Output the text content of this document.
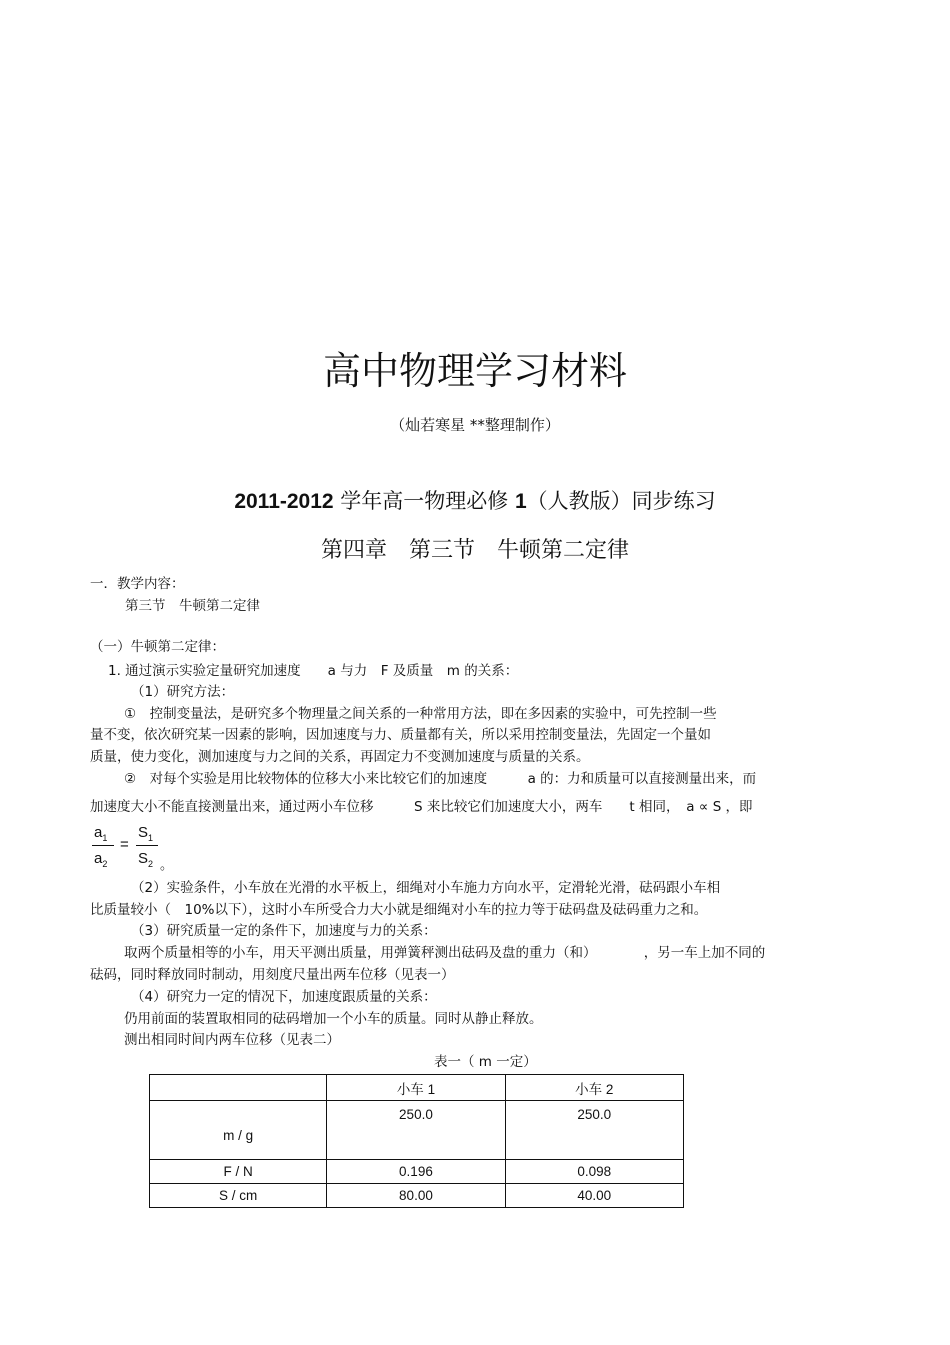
高中物理学习材料
（灿若寒星 **整理制作）
2011-2012 学年高一物理必修 1（人教版）同步练习
第四章　第三节　牛顿第二定律
一．教学内容：
第三节　牛顿第二定律
（一）牛顿第二定律：
1. 通过演示实验定量研究加速度　　a 与力　F 及质量　m 的关系：
（1）研究方法：
①　控制变量法，是研究多个物理量之间关系的一种常用方法，即在多因素的实验中，可先控制一些
量不变，依次研究某一因素的影响，因加速度与力、质量都有关，所以采用控制变量法，先固定一个量如
质量，使力变化，测加速度与力之间的关系，再固定力不变测加速度与质量的关系。
②　对每个实验是用比较物体的位移大小来比较它们的加速度　　　a 的：力和质量可以直接测量出来，而
加速度大小不能直接测量出来，通过两小车位移　　　S 来比较它们加速度大小，两车　　t 相同，　a ∝ S ，即
$a_1$
$a_2$
=
$S_1$
$S_2$ 。
（2）实验条件，小车放在光滑的水平板上，细绳对小车施力方向水平，定滑轮光滑，砝码跟小车相
比质量较小（　10%以下），这时小车所受合力大小就是细绳对小车的拉力等于砝码盘及砝码重力之和。
（3）研究质量一定的条件下，加速度与力的关系：
取两个质量相等的小车，用天平测出质量，用弹簧秤测出砝码及盘的重力（和）　　　　，另一车上加不同的
砝码，同时释放同时制动，用刻度尺量出两车位移（见表一）
（4）研究力一定的情况下，加速度跟质量的关系：
仍用前面的装置取相同的砝码增加一个小车的质量。同时从静止释放。
测出相同时间内两车位移（见表二）
表一（ m 一定）
	小车 1	小车 2
m / g	250.0	250.0
F / N	0.196	0.098
S / cm	80.00	40.00
